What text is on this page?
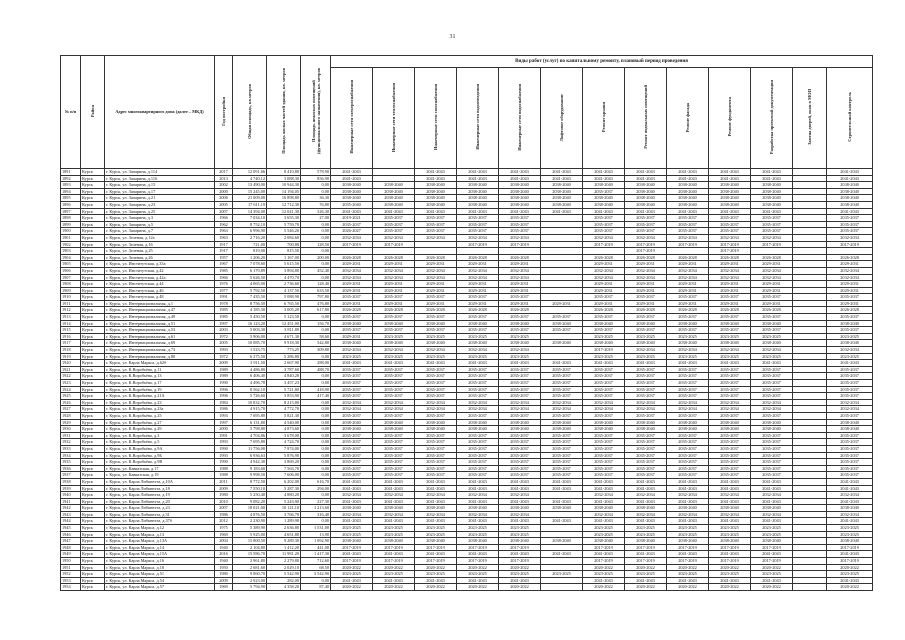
31
№ п/п	Район	Адрес многоквартирного дома (далее – МКД)	Год постройки	Общая площадь, кв.метров	Площадь жилых частей здания, кв. метров	Площадь нежилых помещений (функционального назначения), кв. метров	Виды работ (услуг) по капитальному ремонту, плановый период проведения												
							Инженерные сети электроснабжения	Инженерные сети теплоснабжения	Инженерные сети газоснабжения	Инженерные сети водоотведения	Инженерные сети водоснабжения	Лифтовое оборудование	Ремонт крыши	Ремонт подвальных помещений	Ремонт фасада	Ремонт фундамента	Разработка проектной документации	Замена дверей, окон в МОП	Строительный контроль
1891	Курск	г. Курск, ул. Запарина, д.114	2017	12 091,66	8 410,80	578,90	2041-2043		2041-2043	2041-2043	2041-2043	2041-2043	2041-2043	2041-2043	2041-2043	2041-2043	2041-2043		2041-2043
1892	Курск	г. Курск, ул. Запарина, д.116	2013	4 740,12	3 088,30	856,90	2041-2043		2041-2043	2041-2043	2041-2043	2041-2043	2041-2043	2041-2043	2041-2043	2041-2043	2041-2043		2041-2043
1893	Курск	г. Курск, ул. Запарина, д.15	2002	13 490,00	10 944,30	0,00	2038-2040	2038-2040	2038-2040	2038-2040	2038-2040	2038-2040	2038-2040	2038-2040	2038-2040	2038-2040	2038-2040		2038-2040
1894	Курск	г. Курск, ул. Запарина, д.17	2000	15 245,00	14 194,05	0,00	2038-2040	2038-2040	2038-2040	2038-2040	2038-2040	2038-2040	2035-2037	2038-2040	2038-2040	2038-2040	2038-2040		2038-2040
1895	Курск	г. Курск, ул. Запарина, д.21	2006	21 009,00	16 898,80	36,30	2038-2040	2038-2040	2038-2040	2038-2040	2038-2040	2038-2040	2038-2040	2038-2040	2038-2040	2038-2040	2038-2040		2038-2040
1896	Курск	г. Курск, ул. Запарина, д.23	2005	17 611,19	12 712,30	76,80	2035-2040	2038-2040	2038-2040	2038-2040	2038-2040	2038-2040	2038-2040	2038-2040	2038-2040	2038-2040	2038-2040		2038-2040
1897	Курск	г. Курск, ул. Запарина, д.25	2007	14 394,00	12 041,30	326,30	2041-2043	2041-2043	2041-2043	2041-2043	2041-2043	2041-2043	2041-2043	2041-2043	2041-2043	2041-2043	2041-2043		2041-2043
1898	Курск	г. Курск, ул. Запарина, д.3	1966	7 034,10	3 655,30	27,00	2019-2021	2035-2037	2035-2037	2035-2037	2035-2037		2035-2037	2035-2037	2035-2037	2035-2037	2035-2037		2035-2037
1899	Курск	г. Курск, ул. Запарина, д.5	1962	8 752,10	5 759,70	0,00	2035-2037	2035-2037	2035-2037	2035-2037	2035-2037		2035-2037	2035-2037	2035-2037	2035-2037	2035-2037		2035-2037
1900	Курск	г. Курск, ул. Запарина, д.7	1963	6 996,90	5 546,20	0,00	2026-2027	2035-2037	2035-2037	2035-2037	2035-2037		2035-2037	2035-2037	2035-2037	2035-2037	2035-2037		2035-2037
1901	Курск	г. Курск, ул. Зеленая, д.12а	1963	2 716,20	2 084,60	0,00	2032-2034	2032-2034	2032-2034	2032-2034	2032-2034		2032-2034	2032-2034	2032-2034	2032-2034	2032-2034		2032-2034
1902	Курск	г. Курск, ул. Зеленая, д.16	1917	721,00	700,88	128,50	2017-2019	2017-2019		2017-2019	2017-2019		2017-2019	2017-2019	2017-2019	2017-2019	2017-2019		2017-2019
1903	Курск	г. Курск, ул. Зеленая, д.25	1917	819,00	815,50	0,00								2017-2019		2017-2019			
1904	Курск	г. Курск, ул. Зеленая, д.26	1957	1 206,20	1 167,00	200,00	2026-2028	2026-2028	2026-2028	2026-2028	2026-2028		2026-2028	2026-2028	2026-2028	2026-2028	2026-2028		2026-2028
1905	Курск	г. Курск, ул. Институтская, д.33а	1967	7 078,60	5 615,50	0,00	2029-2031	2029-2031	2029-2031	2029-2031	2029-2031		2029-2031	2029-2031	2029-2031	2029-2031	2029-2031		2029-2031
1906	Курск	г. Курск, ул. Институтская, д.42	1985	6 179,89	3 894,80	452,40	2032-2034	2032-2034	2032-2034	2032-2034	2032-2034		2032-2034	2032-2034	2032-2034	2032-2034	2032-2034		2032-2034
1907	Курск	г. Курск, ул. Институтская, д.42а	1966	5 626,50	4 470,70	0,00	2032-2034	2032-2034	2032-2034	2032-2034	2032-2034		2032-2034	2032-2034	2032-2034	2032-2034	2032-2034		2032-2034
1908	Курск	г. Курск, ул. Институтская, д.44	1976	4 065,00	2 736,60	128,40	2029-2031	2029-2031	2029-2031	2029-2031	2029-2031		2029-2031	2029-2031	2029-2031	2029-2031	2029-2031		2029-2031
1909	Курск	г. Курск, ул. Институтская, д.46	1977	5 792,50	4 137,50	633,50	2029-2031	2029-2031	2029-2031	2029-2031	2029-2031		2029-2031	2029-2031	2029-2031	2029-2031	2029-2031		2029-2031
1910	Курск	г. Курск, ул. Институтская, д.48	1991	7 435,50	5 088,90	797,80	2035-2037	2035-2037	2035-2037	2035-2037	2035-2037		2035-2037	2035-2037	2035-2037	2035-2037	2035-2037		2035-2037
1911	Курск	г. Курск, ул. Интернациональная, д.1	1978	8 756,50	6 765,50	476,80	2029-2031	2029-2031	2029-2031	2029-2031	2029-2031	2029-2031	2029-2031	2029-2031	2029-2031	2029-2031	2029-2031		2029-2031
1912	Курск	г. Курск, ул. Интернациональная, д.47	1985	4 185,30	3 005,20	617,80	2026-2028	2026-2028	2026-2028	2026-2028	2026-2028		2026-2028	2026-2028	2026-2028	2026-2028	2026-2028		2026-2028
1913	Курск	г. Курск, ул. Интернациональная, д.49	1985	5 450,50	5 123,50	0,00	2035-2037	2035-2037	2035-2037	2035-2037	2035-2037	2035-2037	2035-2037	2035-2037	2035-2037	2035-2037	2035-2037		2035-2037
1914	Курск	г. Курск, ул. Интернациональная, д.51	1997	16 123,20	12 451,00	156,70	2038-2040	2038-2040	2038-2040	2038-2040	2038-2040	2038-2040	2038-2040	2038-2040	2038-2040	2038-2040	2038-2040		2038-2040
1915	Курск	г. Курск, ул. Интернациональная, д.53	2003	5 003,30	3 811,80	0,00	2035-2037	2035-2037	2035-2037	2035-2037	2035-2037	2035-2037	2035-2037	2035-2037	2035-2037	2035-2037	2035-2037		2035-2037
1916	Курск	г. Курск, ул. Интернациональная, д.61	1972	5 906,00	4 671,30	58,60	2029-2031	2023-2025	2023-2025	2023-2025	2023-2025		2023-2025	2023-2025	2023-2025	2023-2025	2023-2025		2023-2025
1917	Курск	г. Курск, ул. Интернациональная, д.69	2005	10 085,70	9 918,30	542,80	2038-2040	2038-2040	2038-2040	2038-2040	2038-2040	2038-2040	2038-2040	2038-2040	2038-2040	2038-2040	2038-2040		2038-2040
1918	Курск	г. Курск, ул. Интернациональная, д.73	1993	1 523,75	773,25	309,80	2032-2034	2032-2034	2032-2034	2032-2034	2032-2034		2017-2019	2032-2034	2032-2034	2032-2034	2032-2034		2032-2034
1919	Курск	г. Курск, ул. Интернациональная, д.80	1972	6 275,50	5 286,80	0,00	2023-2025	2023-2025	2023-2025	2023-2025	2023-2025		2023-2025	2023-2025	2023-2025	2023-2025	2023-2025		2023-2025
1920	Курск	г. Курск, ул. Карла Маркса, д.62б	2009	3 911,50	2 667,90	288,00	2041-2043	2041-2043	2041-2043	2041-2043	2041-2043	2041-2043	2041-2043	2041-2043	2041-2043	2041-2043	2041-2043		2041-2043
1921	Курск	г. Курск, ул. К.Воробьёва, д.11	1989	4 486,80	3 787,60	488,70	2035-2037	2035-2037	2035-2037	2035-2037	2035-2037	2035-2037	2035-2037	2035-2037	2035-2037	2035-2037	2035-2037		2035-2037
1922	Курск	г. Курск, ул. К.Воробьёва, д.13	1989	6 406,40	4 840,28	0,00	2035-2037	2035-2037	2035-2037	2035-2037	2035-2037	2035-2037	2035-2037	2035-2037	2035-2037	2035-2037	2035-2037		2035-2037
1923	Курск	г. Курск, ул. К.Воробьёва, д.17	1990	4 496,78	3 457,23	0,00	2035-2037	2035-2037	2035-2037	2035-2037	2035-2037	2035-2037	2035-2037	2035-2037	2035-2037	2035-2037	2035-2037		2035-2037
1924	Курск	г. Курск, ул. К.Воробьёва, д.19	1996	8 562,10	5 721,80	418,90	2035-2037	2035-2037	2035-2037	2035-2037	2035-2037	2035-2037	2035-2037	2035-2037	2035-2037	2035-2037	2035-2037		2035-2037
1925	Курск	г. Курск, ул. К.Воробьёва, д.21А	1996	5 726,60	3 853,90	417,40	2035-2037	2035-2037	2035-2037	2035-2037	2035-2037	2035-2037	2035-2037	2035-2037	2035-2037	2035-2037	2035-2037		2035-2037
1926	Курск	г. Курск, ул. К.Воробьёва, д.23	1984	10 832,70	8 215,80	0,00	2032-2034	2032-2034	2032-2034	2032-2034	2032-2034	2032-2034	2032-2034	2032-2034	2032-2034	2032-2034	2032-2034		2032-2034
1927	Курск	г. Курск, ул. К.Воробьёва, д.23а	1986	4 915,70	4 772,70	0,00	2032-2034	2032-2034	2032-2034	2032-2034	2032-2034	2032-2034	2032-2034	2032-2034	2032-2034	2032-2034	2032-2034		2032-2034
1928	Курск	г. Курск, ул. К.Воробьёва, д.25	1993	7 695,80	5 821,30	0,00	2035-2037	2035-2037	2035-2037	2035-2037	2035-2037	2035-2037	2035-2037	2035-2037	2035-2037	2035-2037	2035-2037		2035-2037
1929	Курск	г. Курск, ул. К.Воробьёва, д.27	1997	6 131,80	4 540,00	0,00	2038-2040	2038-2040	2038-2040	2038-2040	2038-2040	2038-2040	2038-2040	2038-2040	2038-2040	2038-2040	2038-2040		2038-2040
1930	Курск	г. Курск, ул. К.Воробьёва, д.29	2000	5 798,80	4 873,60	0,00	2038-2040	2038-2040	2038-2040	2038-2040	2038-2040	2038-2040	2038-2040	2038-2040	2038-2040	2038-2040	2038-2040		2038-2040
1931	Курск	г. Курск, ул. К.Воробьёва, д.3	1991	4 704,86	3 678,08	0,00	2035-2037	2035-2037	2035-2037	2035-2037	2035-2037	2035-2037	2035-2037	2035-2037	2035-2037	2035-2037	2035-2037		2035-2037
1932	Курск	г. Курск, ул. К.Воробьёва, д.5	1993	7 695,80	4 724,70	0,00	2035-2037	2035-2037	2035-2037	2035-2037	2035-2037	2035-2037	2035-2037	2035-2037	2035-2037	2035-2037	2035-2037		2035-2037
1933	Курск	г. Курск, ул. К.Воробьёва, д.9А	1990	11 756,00	7 974,00	0,00	2035-2037	2035-2037	2035-2037	2035-2037	2035-2037	2035-2037	2035-2037	2035-2037	2035-2037	2035-2037	2035-2037		2035-2037
1934	Курск	г. Курск, ул. К.Воробьёва, д.9Б	1993	6 936,63	5 876,90	0,00	2035-2037	2035-2037	2035-2037	2035-2037	2035-2037	2035-2037	2035-2037	2035-2037	2035-2037	2035-2037	2035-2037		2035-2037
1935	Курск	г. Курск, ул. К.Воробьёва, д.9В	1990	4 942,30	3 869,20	0,00	2035-2037	2035-2037	2035-2037	2035-2037	2035-2037	2035-2037	2035-2037	2035-2037	2035-2037	2035-2037	2035-2037		2035-2037
1936	Курск	г. Курск, ул. Кавказская, д.17	1988	9 183,60	7 563,70	0,00	2035-2037	2035-2037	2035-2037	2035-2037	2035-2037	2035-2037	2035-2037	2035-2037	2035-2037	2035-2037	2035-2037		2035-2037
1937	Курск	г. Курск, ул. Кавказская, д.19	1988	9 998,50	7 606,00	0,00	2035-2037	2035-2037	2035-2037	2035-2037	2035-2037	2035-2037	2035-2037	2035-2037	2035-2037	2035-2037	2035-2037		2035-2037
1938	Курск	г. Курск, ул. Карла Либкнехта, д.10А	2011	8 772,50	6 202,00	616,70	2041-2043	2041-2043	2041-2043	2041-2043	2041-2043	2041-2043	2041-2043	2041-2043	2041-2043	2041-2043	2041-2043		2041-2043
1939	Курск	г. Курск, ул. Карла Либкнехта, д.18	2009	7 550,10	5 287,30	294,00	2041-2043	2041-2043	2041-2043	2041-2043	2041-2043	2041-2043	2041-2043	2041-2043	2041-2043	2041-2043	2041-2043		2041-2043
1940	Курск	г. Курск, ул. Карла Либкнехта, д.19	1980	5 250,40	4 880,20	0,00	2032-2034	2032-2034	2032-2034	2032-2034	2032-2034		2032-2034	2032-2034	2032-2034	2032-2034	2032-2034		2032-2034
1941	Курск	г. Курск, ул. Карла Либкнехта, д.20	2010	9 082,20	5 243,90	227,30	2041-2043	2041-2043	2041-2043	2041-2043	2041-2043	2041-2043	2041-2043	2041-2043	2041-2043	2041-2043	2041-2043		2041-2043
1942	Курск	г. Курск, ул. Карла Либкнехта, д.23	2007	18 021,00	10 121,10	1 213,60	2038-2040	2038-2040	2038-2040	2038-2040	2038-2040	2038-2040	2038-2040	2038-2040	2038-2040	2038-2040	2038-2040		2038-2040
1943	Курск	г. Курск, ул. Карла Либкнехта, д.31	1986	4 876,50	3 766,78	316,40	2032-2034	2032-2034	2032-2034	2032-2034	2032-2034		2032-2034	2032-2034	2032-2034	2032-2034	2032-2034		2032-2034
1944	Курск	г. Курск, ул. Карла Либкнехта, д.37б	2012	2 230,90	1 289,98	0,00	2041-2043	2041-2043	2041-2043	2041-2043	2041-2043	2041-2043	2041-2043	2041-2043	2041-2043	2041-2043	2041-2043		2041-2043
1945	Курск	г. Курск, ул. Карла Маркса, д.12	1975	5 389,90	2 636,80	1 531,00	2023-2025	2023-2025	2023-2025	2023-2025	2023-2025		2023-2025	2023-2025	2023-2025	2023-2025	2023-2025		2023-2025
1946	Курск	г. Курск, ул. Карла Маркса, д.13	1969	5 925,00	4 651,80	13,90	2023-2025	2023-2025	2023-2025	2023-2025	2023-2025		2023-2025	2023-2025	2023-2025	2023-2025	2023-2025		2023-2025
1947	Курск	г. Курск, ул. Карла Маркса, д.13А	2004	15 800,50	9 289,30	1 092,90	2038-2040	2038-2040	2038-2040	2038-2040	2038-2040	2038-2040	2038-2040	2038-2040	2038-2040	2038-2040	2038-2040		2038-2040
1948	Курск	г. Курск, ул. Карла Маркса, д.14	1940	2 104,80	1 412,20	441,00	2017-2019	2017-2019	2017-2019	2017-2019	2017-2019		2017-2019	2017-2019	2017-2019	2017-2019	2017-2019		2017-2019
1949	Курск	г. Курск, ул. Карла Маркса, д.15А	2016	15 586,70	11 981,20	1 417,30	2041-2043	2041-2043	2041-2043	2041-2043	2041-2043	2041-2043	2041-2043	2041-2043	2041-2043	2041-2043	2041-2043		2041-2043
1950	Курск	г. Курск, ул. Карла Маркса, д.16	1940	2 961,80	2 279,80	712,60	2017-2019	2017-2019	2017-2019	2017-2019	2017-2019		2017-2019	2017-2019	2017-2019	2017-2019	2017-2019		2017-2019
1951	Курск	г. Курск, ул. Карла Маркса, д.18	1950	2 681,60	2 029,10	68,50	2020-2022	2020-2022	2020-2022	2020-2022	2020-2022		2020-2022	2020-2022	2020-2022	2020-2022	2020-2022		2020-2022
1952	Курск	г. Курск, ул. Карла Маркса, д.51	1980	9 860,70	5 542,90	3 542,90	2023-2025	2023-2025	2023-2025	2023-2025	2023-2025	2023-2025	2023-2025	2023-2025	2023-2025	2023-2025	2023-2025		2023-2025
1953	Курск	г. Курск, ул. Карла Маркса, д.54	2009	2 923,00	282,00	0,00	2041-2043	2041-2043	2041-2043	2041-2043	2041-2043		2041-2043	2041-2043	2041-2043	2041-2043	2041-2043		2041-2043
1954	Курск	г. Курск, ул. Карла Маркса, д.57	1969	5 794,90	4 358,20	87,40	2020-2022	2020-2022	2020-2022	2020-2022	2020-2022		2020-2022	2020-2022	2020-2022	2020-2022	2020-2022		2020-2022
